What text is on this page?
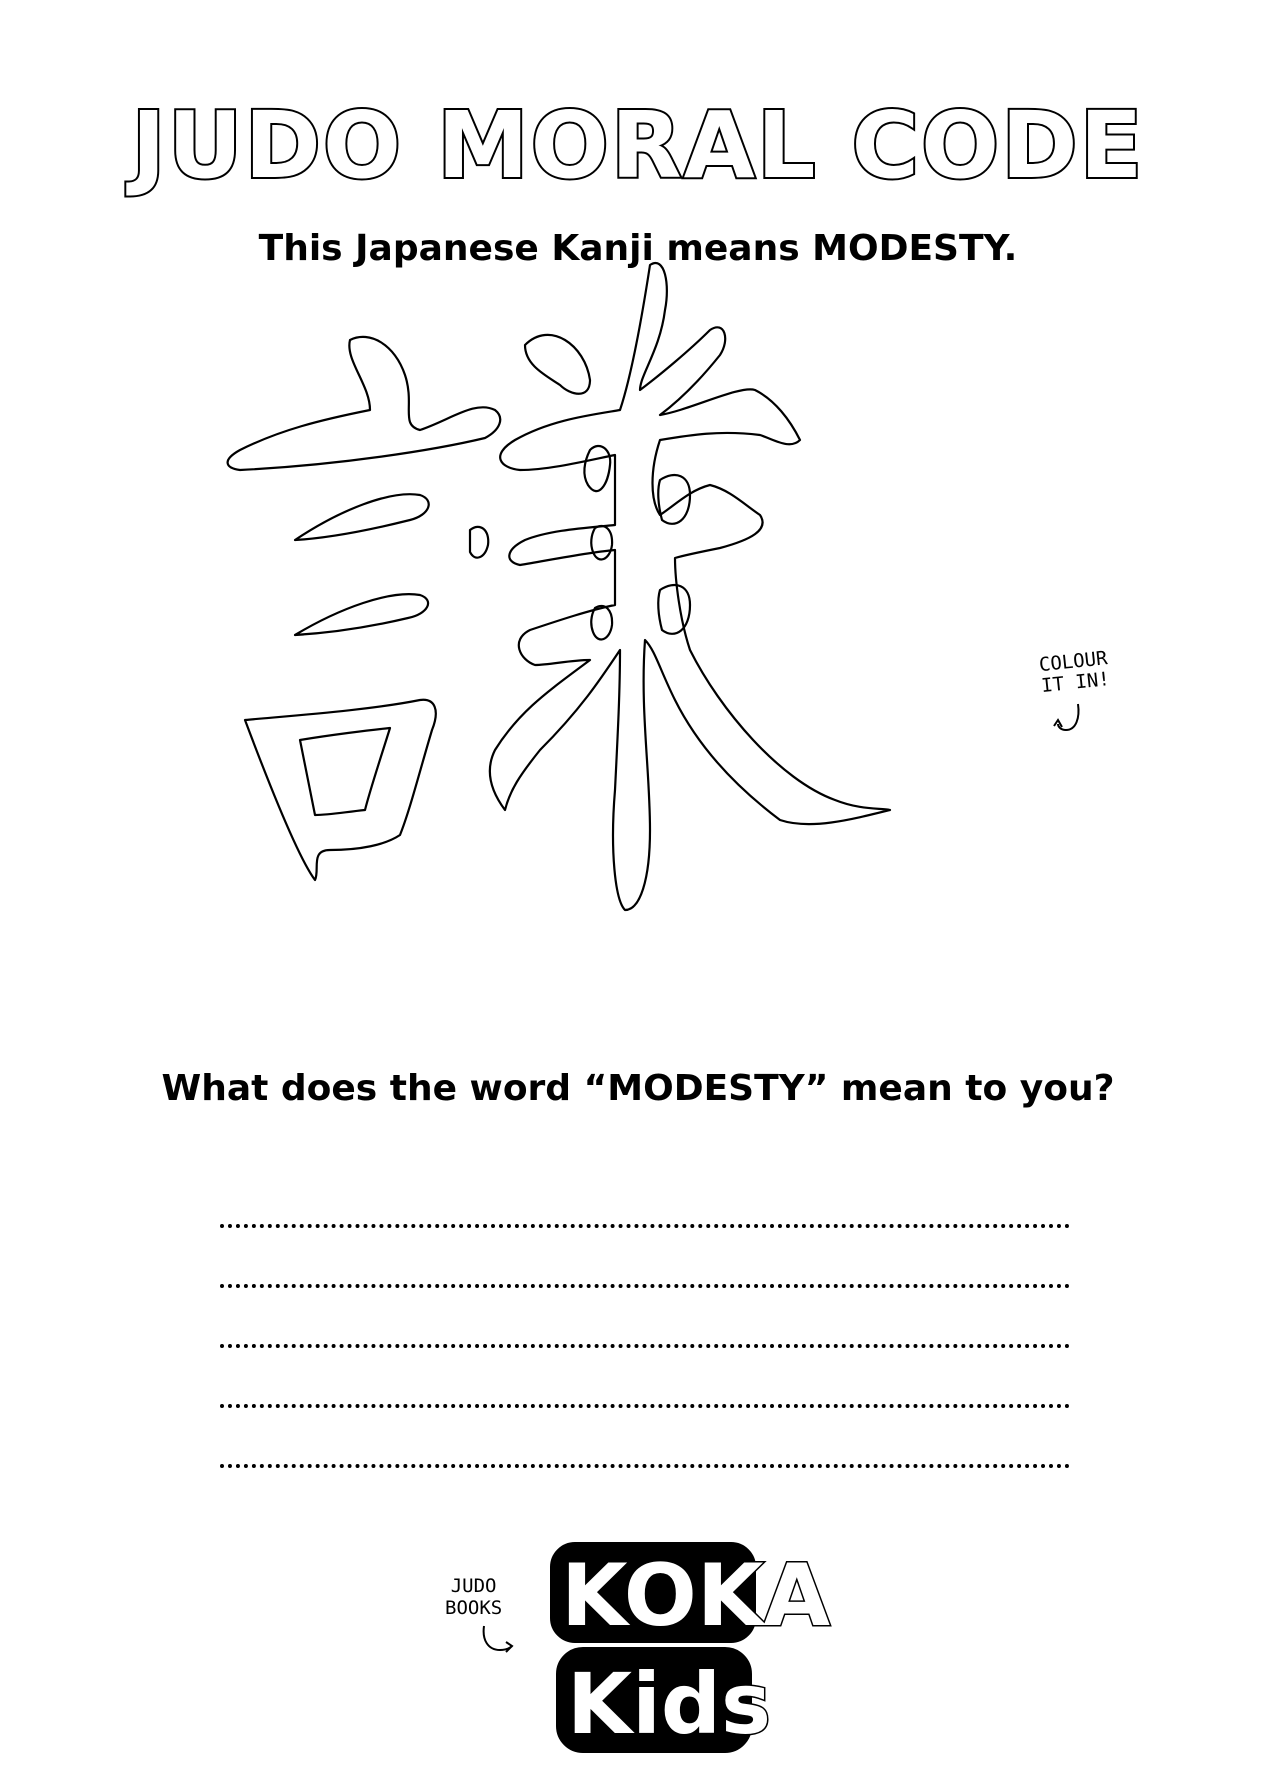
JUDO MORAL CODE
This Japanese Kanji means MODESTY.
COLOUR
IT IN!
What does the word “MODESTY” mean to you?
JUDO
BOOKS KOKA
Kids
